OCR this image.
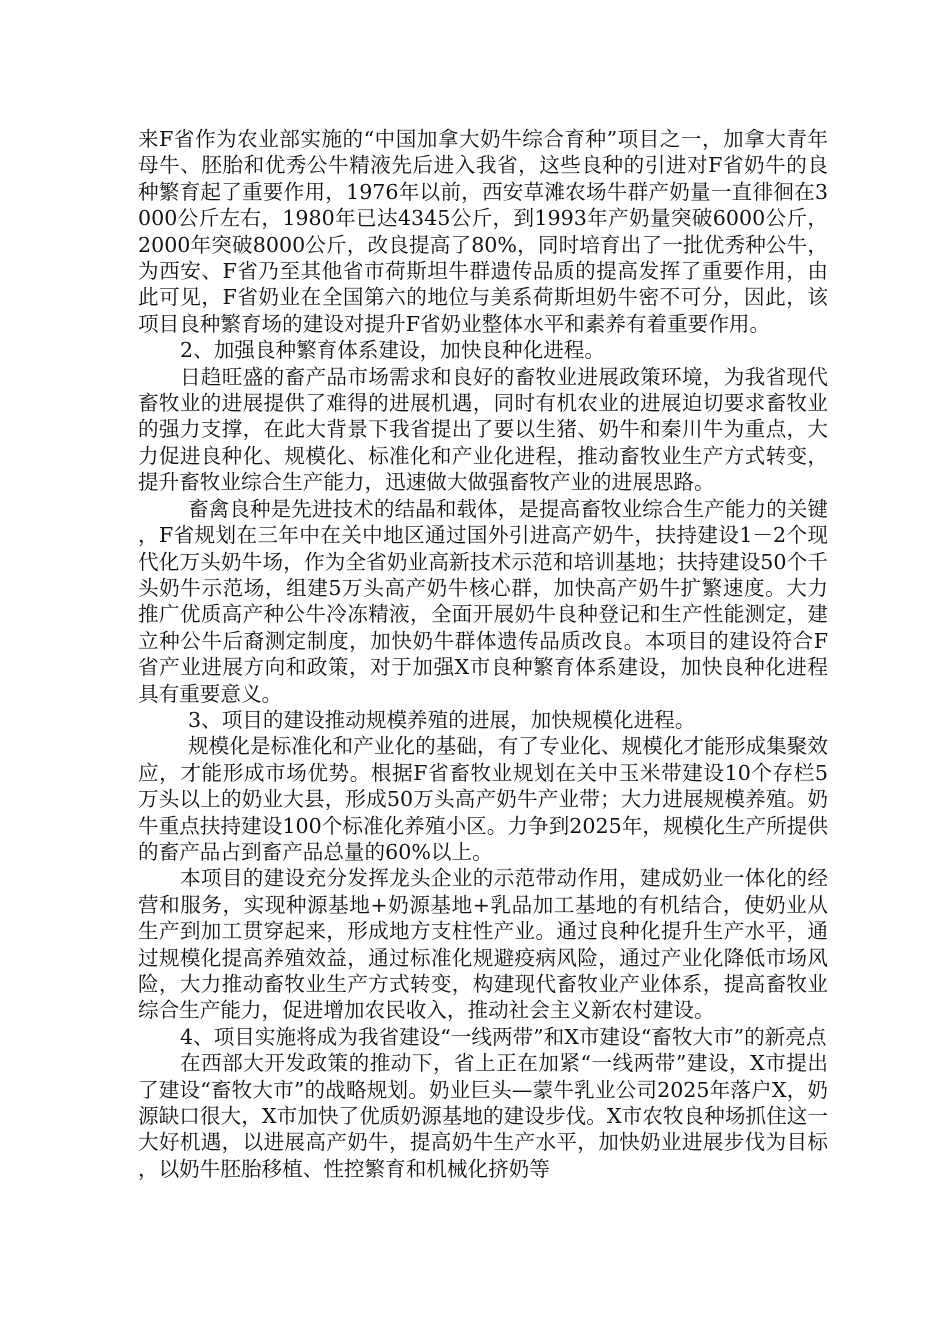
来F省作为农业部实施的“中国加拿大奶牛综合育种”项目之一，加拿大青年母牛、胚胎和优秀公牛精液先后进入我省，这些良种的引进对F省奶牛的良种繁育起了重要作用，1976年以前，西安草滩农场牛群产奶量一直徘徊在3000公斤左右，1980年已达4345公斤，到1993年产奶量突破6000公斤，2000年突破8000公斤，改良提高了80%，同时培育出了一批优秀种公牛，为西安、F省乃至其他省市荷斯坦牛群遗传品质的提高发挥了重要作用，由此可见，F省奶业在全国第六的地位与美系荷斯坦奶牛密不可分，因此，该项目良种繁育场的建设对提升F省奶业整体水平和素养有着重要作用。

2、加强良种繁育体系建设，加快良种化进程。

日趋旺盛的畜产品市场需求和良好的畜牧业进展政策环境，为我省现代畜牧业的进展提供了难得的进展机遇，同时有机农业的进展迫切要求畜牧业的强力支撑，在此大背景下我省提出了要以生猪、奶牛和秦川牛为重点，大力促进良种化、规模化、标准化和产业化进程，推动畜牧业生产方式转变，提升畜牧业综合生产能力，迅速做大做强畜牧产业的进展思路。

畜禽良种是先进技术的结晶和载体，是提高畜牧业综合生产能力的关键，F省规划在三年中在关中地区通过国外引进高产奶牛，扶持建设1－2个现代化万头奶牛场，作为全省奶业高新技术示范和培训基地；扶持建设50个千头奶牛示范场，组建5万头高产奶牛核心群，加快高产奶牛扩繁速度。大力推广优质高产种公牛冷冻精液，全面开展奶牛良种登记和生产性能测定，建立种公牛后裔测定制度，加快奶牛群体遗传品质改良。本项目的建设符合F省产业进展方向和政策，对于加强X市良种繁育体系建设，加快良种化进程具有重要意义。

3、项目的建设推动规模养殖的进展，加快规模化进程。

规模化是标准化和产业化的基础，有了专业化、规模化才能形成集聚效应，才能形成市场优势。根据F省畜牧业规划在关中玉米带建设10个存栏5万头以上的奶业大县，形成50万头高产奶牛产业带；大力进展规模养殖。奶牛重点扶持建设100个标准化养殖小区。力争到2025年，规模化生产所提供的畜产品占到畜产品总量的60%以上。

本项目的建设充分发挥龙头企业的示范带动作用，建成奶业一体化的经营和服务，实现种源基地+奶源基地+乳品加工基地的有机结合，使奶业从生产到加工贯穿起来，形成地方支柱性产业。通过良种化提升生产水平，通过规模化提高养殖效益，通过标准化规避疫病风险，通过产业化降低市场风险，大力推动畜牧业生产方式转变，构建现代畜牧业产业体系，提高畜牧业综合生产能力，促进增加农民收入，推动社会主义新农村建设。

4、项目实施将成为我省建设“一线两带”和X市建设“畜牧大市”的新亮点

在西部大开发政策的推动下，省上正在加紧“一线两带”建设，X市提出了建设“畜牧大市”的战略规划。奶业巨头—蒙牛乳业公司2025年落户X，奶源缺口很大，X市加快了优质奶源基地的建设步伐。X市农牧良种场抓住这一大好机遇，以进展高产奶牛，提高奶牛生产水平，加快奶业进展步伐为目标，以奶牛胚胎移植、性控繁育和机械化挤奶等
